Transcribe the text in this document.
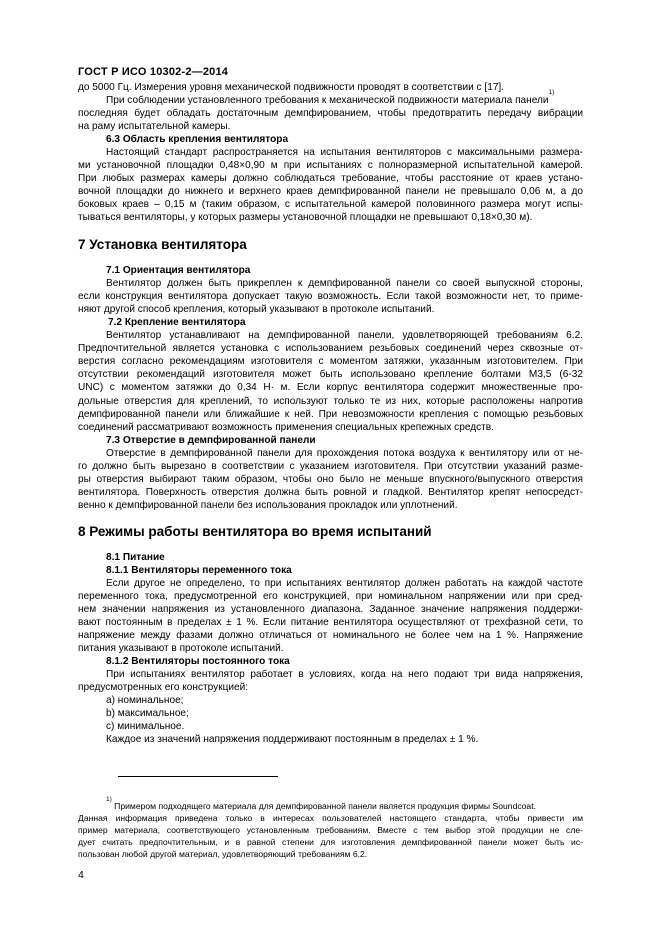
ГОСТ Р ИСО 10302-2—2014
до 5000 Гц. Измерения уровня механической подвижности проводят в соответствии с [17].
При соблюдении установленного требования к механической подвижности материала панели$^{1)}$
последняя будет обладать достаточным демпфированием, чтобы предотвратить передачу вибрации
на раму испытательной камеры.
6.3 Область крепления вентилятора
Настоящий стандарт распространяется на испытания вентиляторов с максимальными размера-
ми установочной площадки 0,48×0,90 м при испытаниях с полноразмерной испытательной камерой.
При любых размерах камеры должно соблюдаться требование, чтобы расстояние от краев устано-
вочной площадки до нижнего и верхнего краев демпфированной панели не превышало 0,06 м, а до
боковых краев – 0,15 м (таким образом, с испытательной камерой половинного размера могут испы-
тываться вентиляторы, у которых размеры установочной площадки не превышают 0,18×0,30 м).
7 Установка вентилятора
7.1 Ориентация вентилятора
Вентилятор должен быть прикреплен к демпфированной панели со своей выпускной стороны,
если конструкция вентилятора допускает такую возможность. Если такой возможности нет, то приме-
няют другой способ крепления, который указывают в протоколе испытаний.
7.2 Крепление вентилятора
Вентилятор устанавливают на демпфированной панели, удовлетворяющей требованиям 6.2.
Предпочтительной является установка с использованием резьбовых соединений через сквозные от-
верстия согласно рекомендациям изготовителя с моментом затяжки, указанным изготовителем. При
отсутствии рекомендаций изготовителя может быть использовано крепление болтами М3,5 (6-32
UNC) с моментом затяжки до 0,34 Н· м. Если корпус вентилятора содержит множественные про-
дольные отверстия для креплений, то используют только те из них, которые расположены напротив
демпфированной панели или ближайшие к ней. При невозможности крепления с помощью резьбовых
соединений рассматривают возможность применения специальных крепежных средств.
7.3 Отверстие в демпфированной панели
Отверстие в демпфированной панели для прохождения потока воздуха к вентилятору или от не-
го должно быть вырезано в соответствии с указанием изготовителя. При отсутствии указаний разме-
ры отверстия выбирают таким образом, чтобы оно было не меньше впускного/выпускного отверстия
вентилятора. Поверхность отверстия должна быть ровной и гладкой. Вентилятор крепят непосредст-
венно к демпфированной панели без использования прокладок или уплотнений.
8 Режимы работы вентилятора во время испытаний
8.1 Питание
8.1.1 Вентиляторы переменного тока
Если другое не определено, то при испытаниях вентилятор должен работать на каждой частоте
переменного тока, предусмотренной его конструкцией, при номинальном напряжении или при сред-
нем значении напряжения из установленного диапазона. Заданное значение напряжения поддержи-
вают постоянным в пределах ± 1 %. Если питание вентилятора осуществляют от трехфазной сети, то
напряжение между фазами должно отличаться от номинального не более чем на 1 %. Напряжение
питания указывают в протоколе испытаний.
8.1.2 Вентиляторы постоянного тока
При испытаниях вентилятор работает в условиях, когда на него подают три вида напряжения,
предусмотренных его конструкцией:
а) номинальное;
b) максимальное;
с) минимальное.
Каждое из значений напряжения поддерживают постоянным в пределах ± 1 %.
$^{1)}$ Примером подходящего материала для демпфированной панели является продукция фирмы Soundcoat.
Данная информация приведена только в интересах пользователей настоящего стандарта, чтобы привести им
пример материала, соответствующего установленным требованиям. Вместе с тем выбор этой продукции не сле-
дует считать предпочтительным, и в равной степени для изготовления демпфированной панели может быть ис-
пользован любой другой материал, удовлетворяющий требованиям 6.2.
4
